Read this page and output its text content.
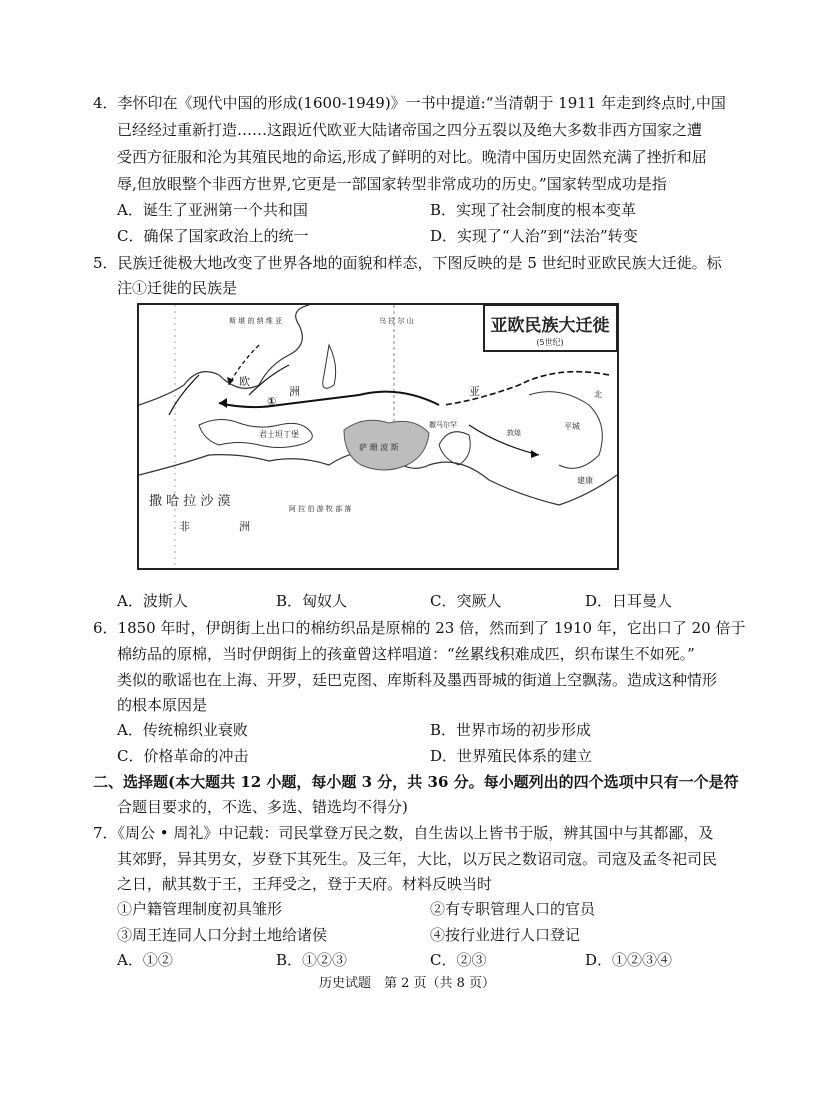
4．李怀印在《现代中国的形成(1600-1949)》一书中提道:“当清朝于 1911 年走到终点时,中国
已经经过重新打造……这跟近代欧亚大陆诸帝国之四分五裂以及绝大多数非西方国家之遭
受西方征服和沦为其殖民地的命运,形成了鲜明的对比。晚清中国历史固然充满了挫折和屈
辱,但放眼整个非西方世界,它更是一部国家转型非常成功的历史。”国家转型成功是指
A．诞生了亚洲第一个共和国	B．实现了社会制度的根本变革
C．确保了国家政治上的统一	D．实现了“人治”到“法治”转变
5．民族迁徙极大地改变了世界各地的面貌和样态，下图反映的是 5 世纪时亚欧民族大迁徙。标
注①迁徙的民族是
亚欧民族大迁徙
(5世纪)
撒 哈 拉 沙 漠
非	洲
阿 拉 伯 游 牧 部 落
君士坦丁堡
萨 珊 波 斯
平城
建康
撒马尔罕
欧
洲	亚
①
斯 堪 的 纳 维 亚	乌 拉 尔 山
敦煌
北
A．波斯人	B．匈奴人	C．突厥人	D．日耳曼人
6．1850 年时，伊朗街上出口的棉纺织品是原棉的 23 倍，然而到了 1910 年，它出口了 20 倍于
棉纺品的原棉，当时伊朗街上的孩童曾这样唱道：“丝累线积难成匹，织布谋生不如死。”
类似的歌谣也在上海、开罗，廷巴克图、库斯科及墨西哥城的街道上空飘荡。造成这种情形
的根本原因是
A．传统棉织业衰败	B．世界市场的初步形成
C．价格革命的冲击	D．世界殖民体系的建立
二、选择题(本大题共 12 小题，每小题 3 分，共 36 分。每小题列出的四个选项中只有一个是符
合题目要求的，不选、多选、错选均不得分)
7．《周公 • 周礼》中记载：司民掌登万民之数，自生齿以上皆书于版，辨其国中与其都鄙，及
其郊野，异其男女，岁登下其死生。及三年，大比，以万民之数诏司寇。司寇及孟冬祀司民
之日，献其数于王，王拜受之，登于天府。材料反映当时
①户籍管理制度初具雏形	②有专职管理人口的官员
③周王连同人口分封土地给诸侯	④按行业进行人口登记
A．①②	B．①②③	C．②③	D．①②③④
历史试题　第 2 页（共 8 页）
